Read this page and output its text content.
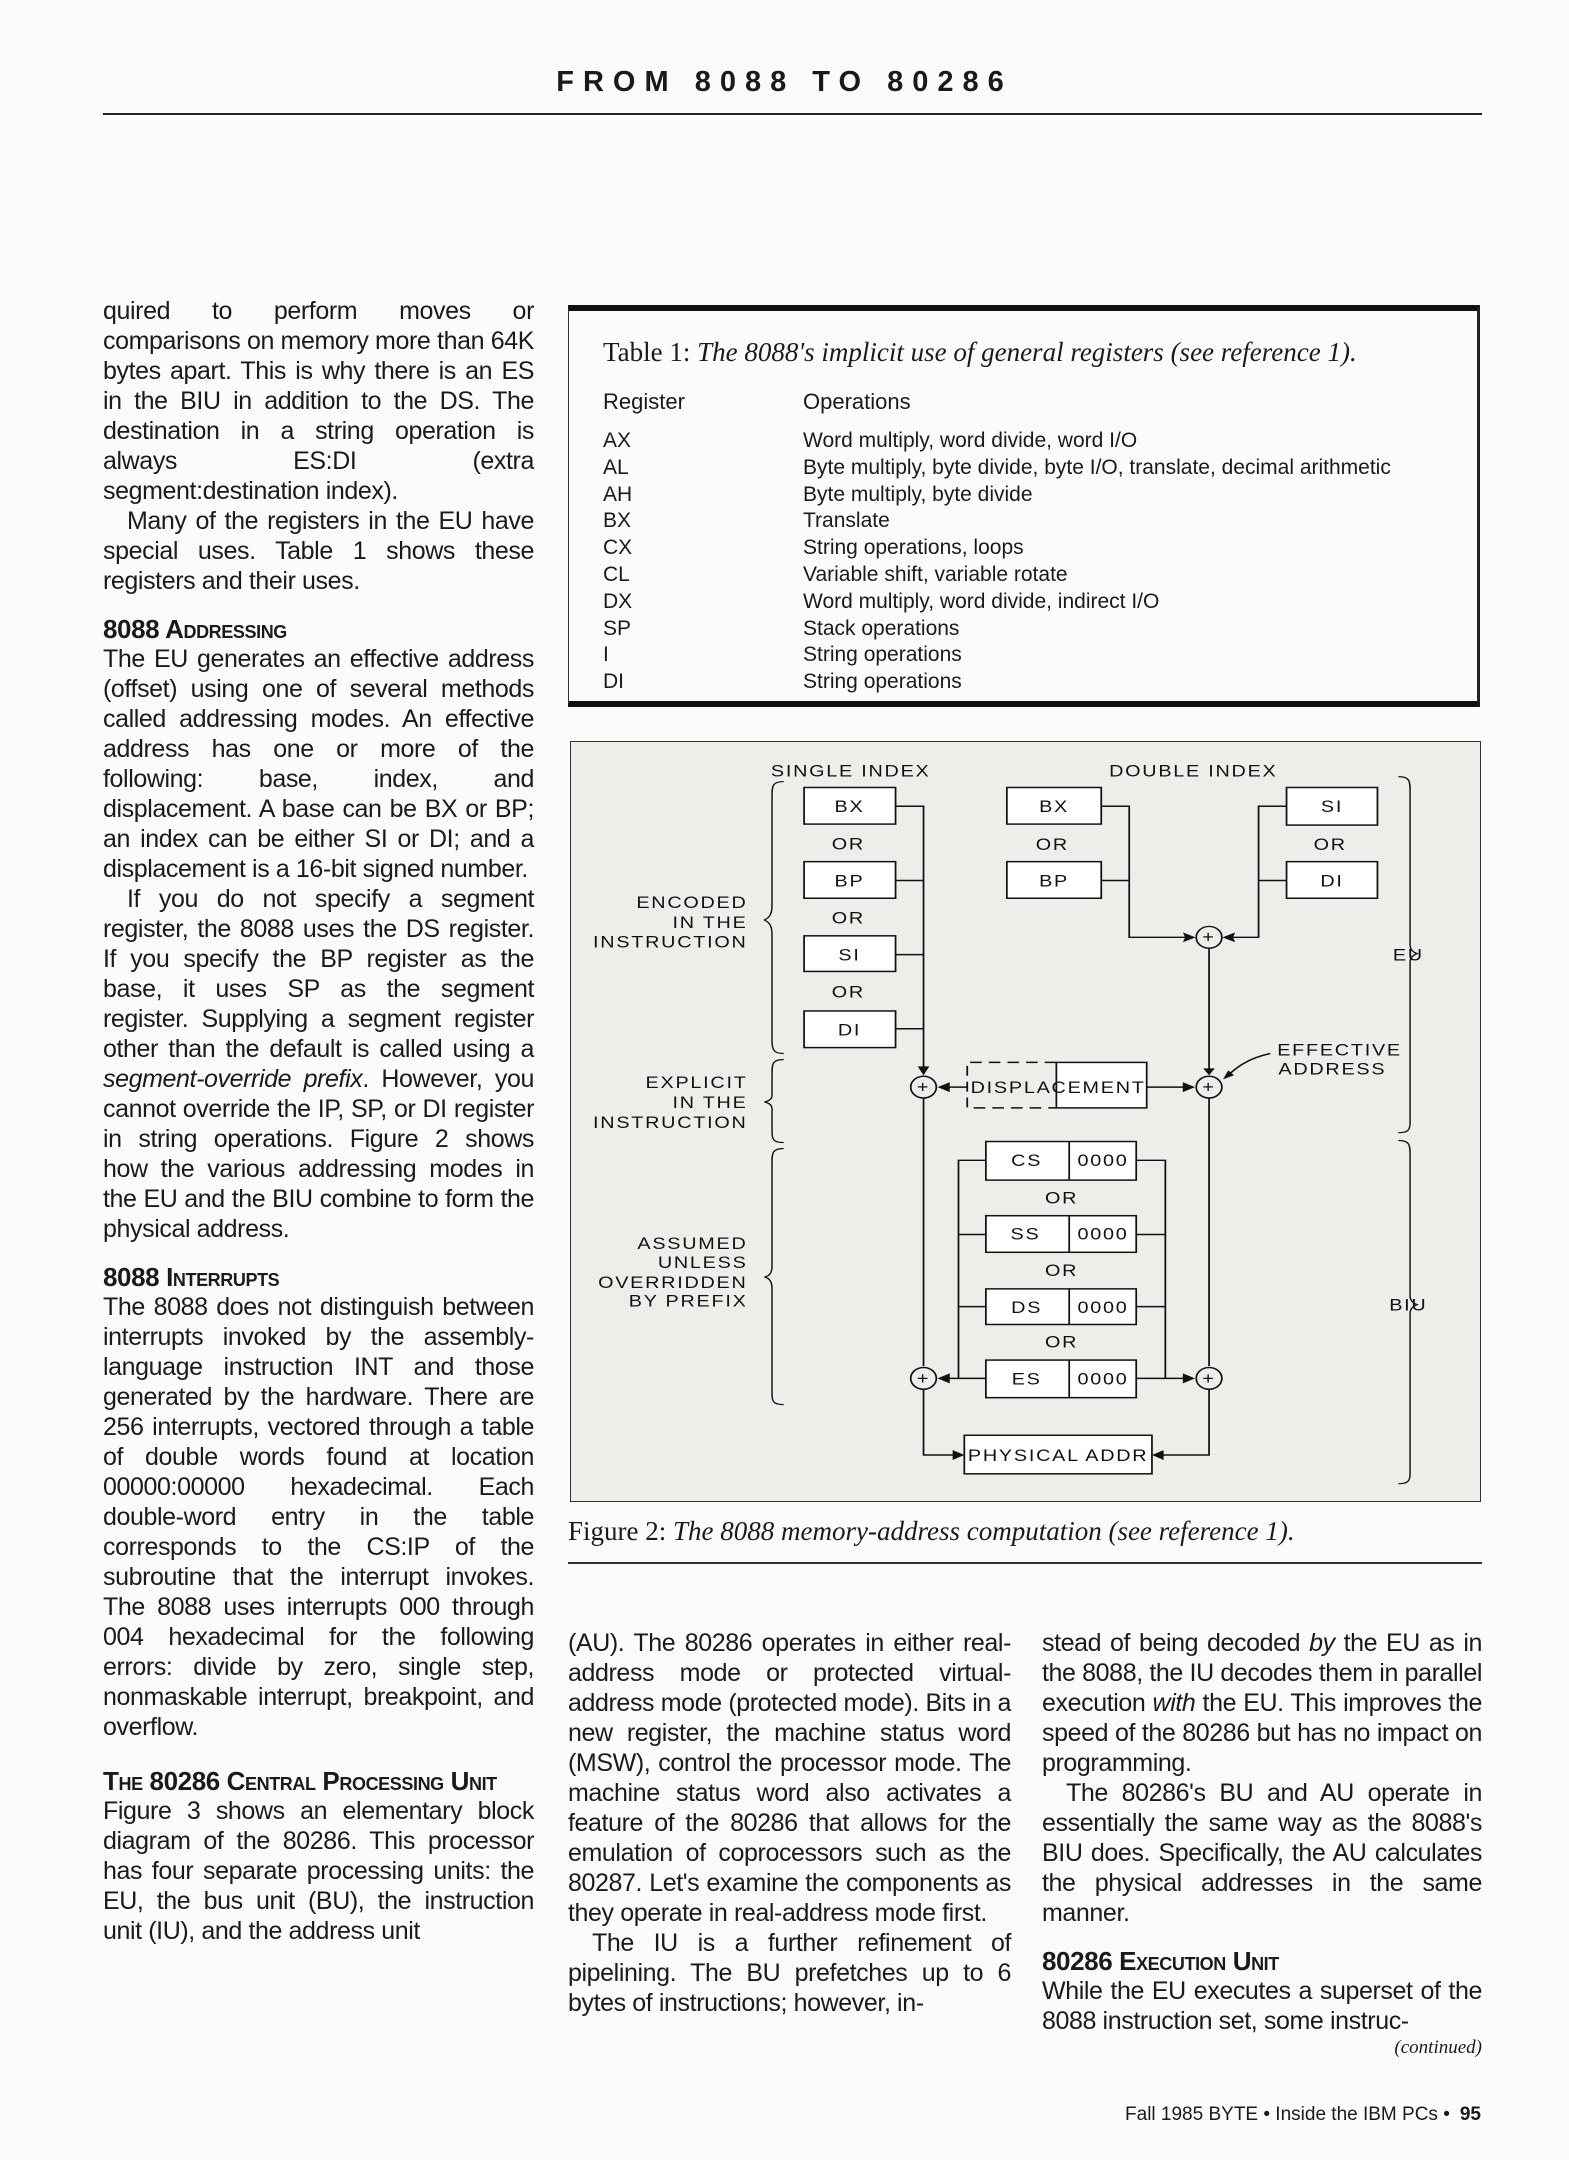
FROM 8088 TO 80286

quired to perform moves or comparisons on memory more than 64K bytes apart. This is why there is an ES in the BIU in addition to the DS. The destination in a string operation is always ES:DI (extra segment:destination index).

Many of the registers in the EU have special uses. Table 1 shows these registers and their uses.

8088 Addressing

The EU generates an effective address (offset) using one of several methods called addressing modes. An effective address has one or more of the following: base, index, and displacement. A base can be BX or BP; an index can be either SI or DI; and a displacement is a 16-bit signed number.

If you do not specify a segment register, the 8088 uses the DS register. If you specify the BP register as the base, it uses SP as the segment register. Supplying a segment register other than the default is called using a segment-override prefix. However, you cannot override the IP, SP, or DI register in string operations. Figure 2 shows how the various addressing modes in the EU and the BIU combine to form the physical address.

8088 Interrupts

The 8088 does not distinguish between interrupts invoked by the assembly-language instruction INT and those generated by the hardware. There are 256 interrupts, vectored through a table of double words found at location 00000:00000 hexadecimal. Each double-word entry in the table corresponds to the CS:IP of the subroutine that the interrupt invokes. The 8088 uses interrupts 000 through 004 hexadecimal for the following errors: divide by zero, single step, nonmaskable interrupt, breakpoint, and overflow.

The 80286 Central Processing Unit

Figure 3 shows an elementary block diagram of the 80286. This processor has four separate processing units: the EU, the bus unit (BU), the instruction unit (IU), and the address unit

Table 1: The 8088's implicit use of general registers (see reference 1).
Register	Operations
AX	Word multiply, word divide, word I/O
AL	Byte multiply, byte divide, byte I/O, translate, decimal arithmetic
AH	Byte multiply, byte divide
BX	Translate
CX	String operations, loops
CL	Variable shift, variable rotate
DX	Word multiply, word divide, indirect I/O
SP	Stack operations
I	String operations
DI	String operations
SINGLE INDEX	DOUBLE INDEX
BX
BP
SI
DI
OR
OR
OR
BX
BP
OR
SI
DI
OR
+
+	+
+	+
DISPLACEMENT
CS
SS
DS
ES
0000
0000
0000
0000
OR
OR
OR
PHYSICAL ADDR
EU
BIU
ENCODED
IN THE
INSTRUCTION
EXPLICIT
IN THE
INSTRUCTION
ASSUMED
UNLESS
OVERRIDDEN
BY PREFIX
EFFECTIVE
ADDRESS
Figure 2: The 8088 memory-address computation (see reference 1).

(AU). The 80286 operates in either real-address mode or protected virtual-address mode (protected mode). Bits in a new register, the machine status word (MSW), control the processor mode. The machine status word also activates a feature of the 80286 that allows for the emulation of coprocessors such as the 80287. Let's examine the components as they operate in real-address mode first.

The IU is a further refinement of pipelining. The BU prefetches up to 6 bytes of instructions; however, in-

stead of being decoded by the EU as in the 8088, the IU decodes them in parallel execution with the EU. This improves the speed of the 80286 but has no impact on programming.

The 80286's BU and AU operate in essentially the same way as the 8088's BIU does. Specifically, the AU calculates the physical addresses in the same manner.

80286 Execution Unit

While the EU executes a superset of the 8088 instruction set, some instruc-

(continued)
Fall 1985 BYTE • Inside the IBM PCs • 95
